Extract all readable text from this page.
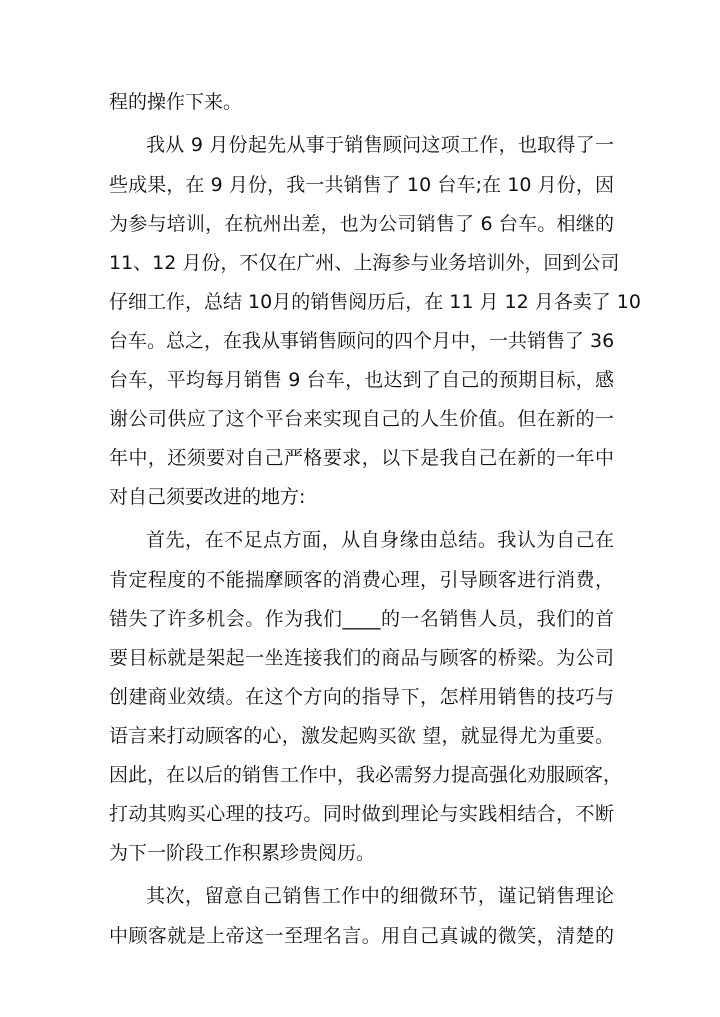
程的操作下来。
我从 9 月份起先从事于销售顾问这项工作，也取得了一
些成果，在 9 月份，我一共销售了 10 台车;在 10 月份，因
为参与培训，在杭州出差，也为公司销售了 6 台车。相继的
11、12 月份，不仅在广州、上海参与业务培训外，回到公司
仔细工作，总结 10月的销售阅历后，在 11 月 12 月各卖了 10
台车。总之，在我从事销售顾问的四个月中，一共销售了 36
台车，平均每月销售 9 台车，也达到了自己的预期目标，感
谢公司供应了这个平台来实现自己的人生价值。但在新的一
年中，还须要对自己严格要求，以下是我自己在新的一年中
对自己须要改进的地方:
首先，在不足点方面，从自身缘由总结。我认为自己在
肯定程度的不能揣摩顾客的消费心理，引导顾客进行消费，
错失了许多机会。作为我们____的一名销售人员，我们的首
要目标就是架起一坐连接我们的商品与顾客的桥梁。为公司
创建商业效绩。在这个方向的指导下，怎样用销售的技巧与
语言来打动顾客的心，激发起购买欲 望，就显得尤为重要。
因此，在以后的销售工作中，我必需努力提高强化劝服顾客，
打动其购买心理的技巧。同时做到理论与实践相结合，不断
为下一阶段工作积累珍贵阅历。
其次，留意自己销售工作中的细微环节，谨记销售理论
中顾客就是上帝这一至理名言。用自己真诚的微笑，清楚的
